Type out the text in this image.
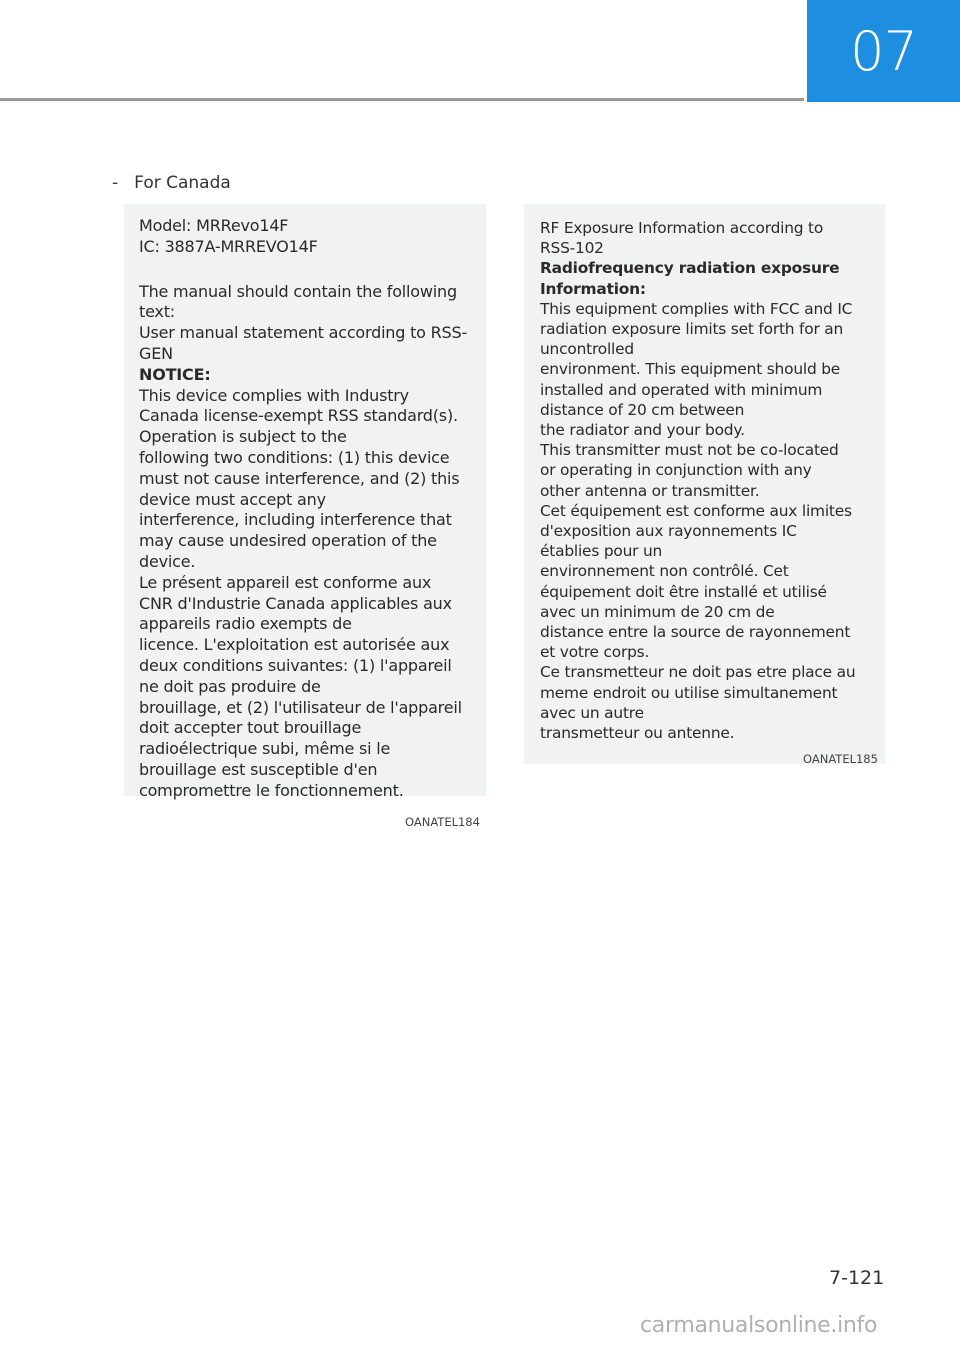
07
- For Canada
Model: MRRevo14F
IC: 3887A-MRREVO14F
The manual should contain the following
text:
User manual statement according to RSS-
GEN
NOTICE:
This device complies with Industry
Canada license-exempt RSS standard(s).
Operation is subject to the
following two conditions: (1) this device
must not cause interference, and (2) this
device must accept any
interference, including interference that
may cause undesired operation of the
device.
Le présent appareil est conforme aux
CNR d'Industrie Canada applicables aux
appareils radio exempts de
licence. L'exploitation est autorisée aux
deux conditions suivantes: (1) l'appareil
ne doit pas produire de
brouillage, et (2) l'utilisateur de l'appareil
doit accepter tout brouillage
radioélectrique subi, même si le
brouillage est susceptible d'en
compromettre le fonctionnement.
OANATEL184
RF Exposure Information according to
RSS-102
Radiofrequency radiation exposure
Information:
This equipment complies with FCC and IC
radiation exposure limits set forth for an
uncontrolled
environment. This equipment should be
installed and operated with minimum
distance of 20 cm between
the radiator and your body.
This transmitter must not be co-located
or operating in conjunction with any
other antenna or transmitter.
Cet équipement est conforme aux limites
d'exposition aux rayonnements IC
établies pour un
environnement non contrôlé. Cet
équipement doit être installé et utilisé
avec un minimum de 20 cm de
distance entre la source de rayonnement
et votre corps.
Ce transmetteur ne doit pas etre place au
meme endroit ou utilise simultanement
avec un autre
transmetteur ou antenne.
OANATEL185
7-121
carmanualsonline.info
